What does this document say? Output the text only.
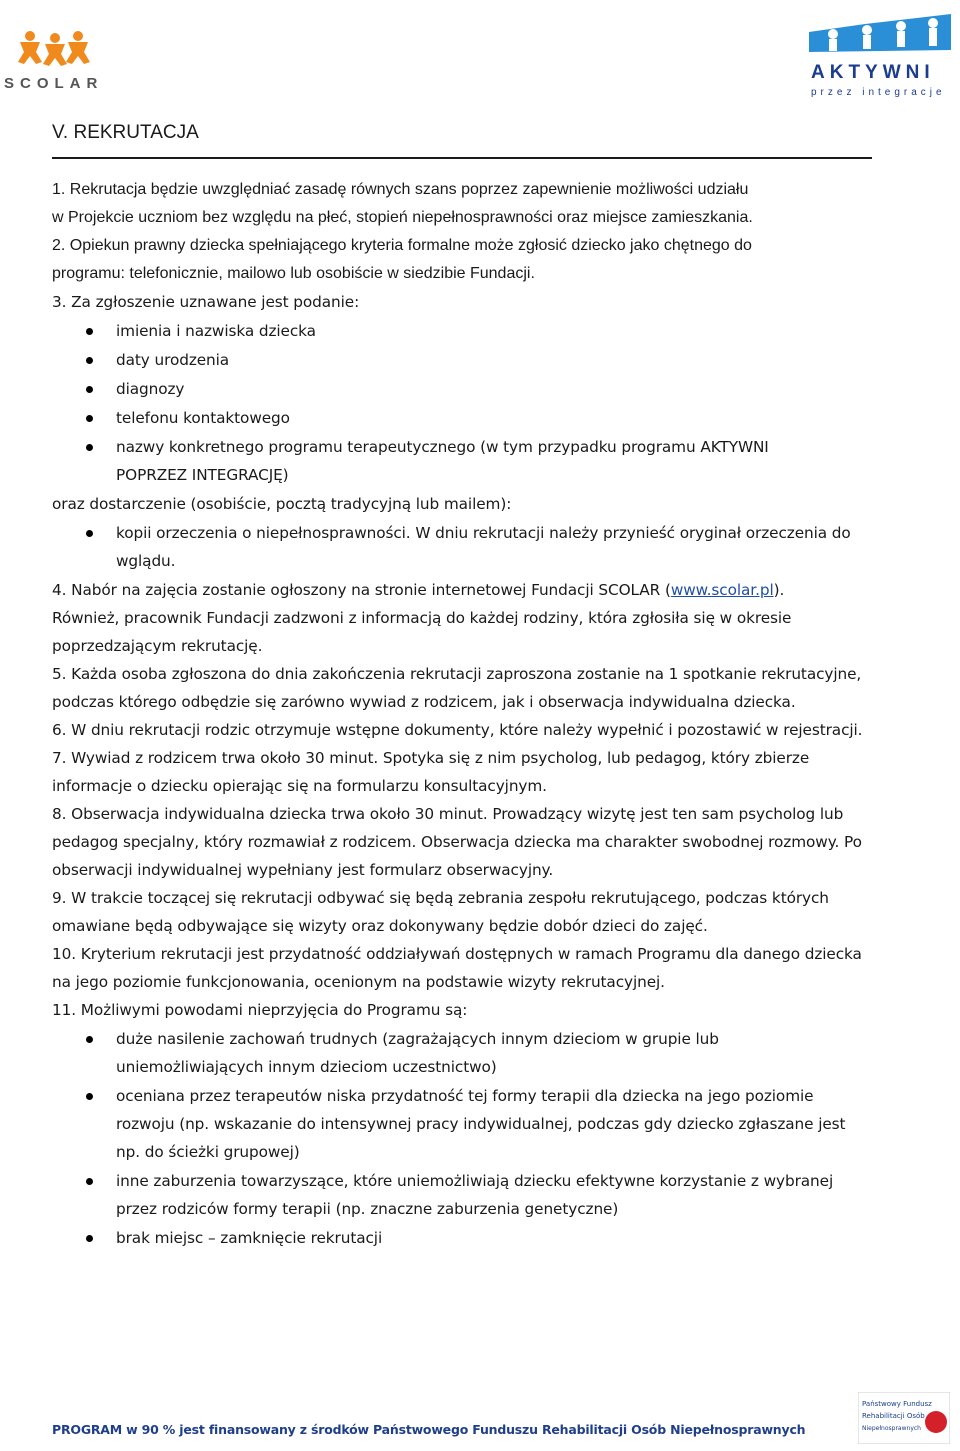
SCOLAR
AKTYWNI
przez integracje
V. REKRUTACJA

1. Rekrutacja będzie uwzględniać zasadę równych szans poprzez zapewnienie możliwości udziału

w Projekcie uczniom bez względu na płeć, stopień niepełnosprawności oraz miejsce zamieszkania.

2. Opiekun prawny dziecka spełniającego kryteria formalne może zgłosić dziecko jako chętnego do

programu: telefonicznie, mailowo lub osobiście w siedzibie Fundacji.

3. Za zgłoszenie uznawane jest podanie:

imienia i nazwiska dziecka
daty urodzenia
diagnozy
telefonu kontaktowego
nazwy konkretnego programu terapeutycznego (w tym przypadku programu AKTYWNI POPRZEZ INTEGRACJĘ)

oraz dostarczenie (osobiście, pocztą tradycyjną lub mailem):

kopii orzeczenia o niepełnosprawności. W dniu rekrutacji należy przynieść oryginał orzeczenia do wglądu.

4. Nabór na zajęcia zostanie ogłoszony na stronie internetowej Fundacji SCOLAR (www.scolar.pl).

Również, pracownik Fundacji zadzwoni z informacją do każdej rodziny, która zgłosiła się w okresie poprzedzającym rekrutację.

5. Każda osoba zgłoszona do dnia zakończenia rekrutacji zaproszona zostanie na 1 spotkanie rekrutacyjne, podczas którego odbędzie się zarówno wywiad z rodzicem, jak i obserwacja indywidualna dziecka.

6. W dniu rekrutacji rodzic otrzymuje wstępne dokumenty, które należy wypełnić i pozostawić w rejestracji.

7. Wywiad z rodzicem trwa około 30 minut. Spotyka się z nim psycholog, lub pedagog, który zbierze informacje o dziecku opierając się na formularzu konsultacyjnym.

8. Obserwacja indywidualna dziecka trwa około 30 minut. Prowadzący wizytę jest ten sam psycholog lub pedagog specjalny, który rozmawiał z rodzicem. Obserwacja dziecka ma charakter swobodnej rozmowy. Po obserwacji indywidualnej wypełniany jest formularz obserwacyjny.

9. W trakcie toczącej się rekrutacji odbywać się będą zebrania zespołu rekrutującego, podczas których omawiane będą odbywające się wizyty oraz dokonywany będzie dobór dzieci do zajęć.

10. Kryterium rekrutacji jest przydatność oddziaływań dostępnych w ramach Programu dla danego dziecka na jego poziomie funkcjonowania, ocenionym na podstawie wizyty rekrutacyjnej.

11. Możliwymi powodami nieprzyjęcia do Programu są:

duże nasilenie zachowań trudnych (zagrażających innym dzieciom w grupie lub uniemożliwiających innym dzieciom uczestnictwo)
oceniana przez terapeutów niska przydatność tej formy terapii dla dziecka na jego poziomie rozwoju (np. wskazanie do intensywnej pracy indywidualnej, podczas gdy dziecko zgłaszane jest np. do ścieżki grupowej)
inne zaburzenia towarzyszące, które uniemożliwiają dziecku efektywne korzystanie z wybranej przez rodziców formy terapii (np. znaczne zaburzenia genetyczne)
brak miejsc – zamknięcie rekrutacji
PROGRAM w 90 % jest finansowany z środków Państwowego Funduszu Rehabilitacji Osób Niepełnosprawnych
Państwowy Fundusz
Rehabilitacji Osób
Niepełnosprawnych
